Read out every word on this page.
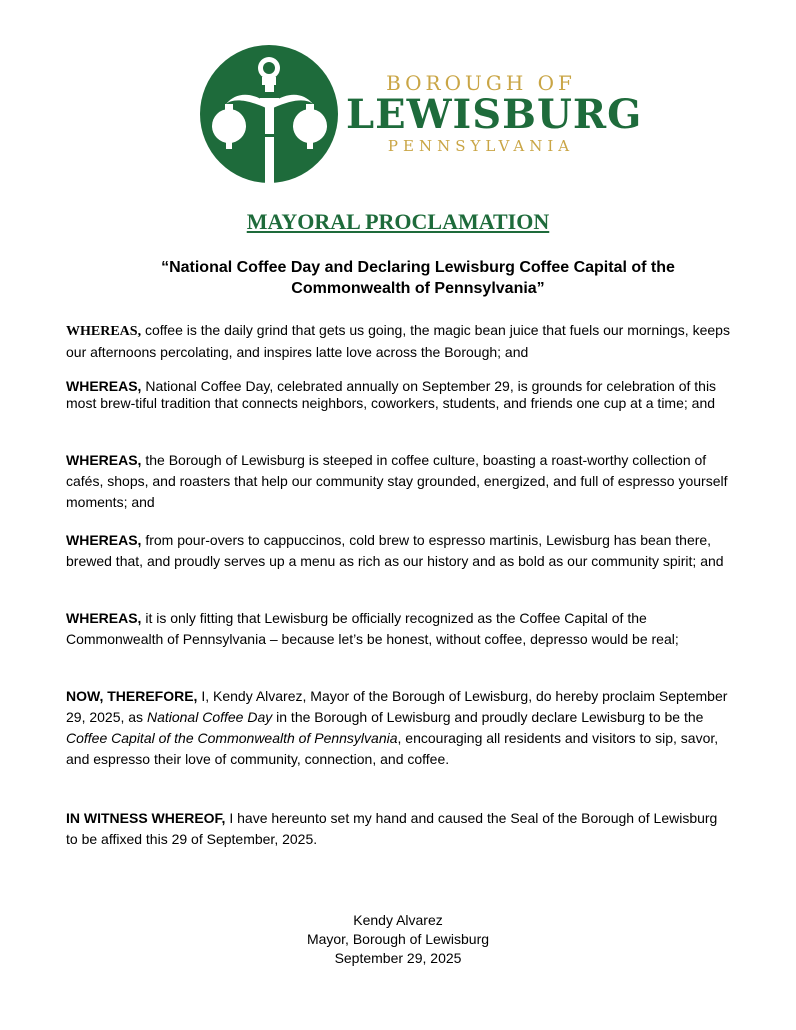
BOROUGH OF
LEWISBURG
PENNSYLVANIA
MAYORAL PROCLAMATION
“National Coffee Day and Declaring Lewisburg Coffee Capital of the
Commonwealth of Pennsylvania”

WHEREAS, coffee is the daily grind that gets us going, the magic bean juice that fuels our mornings, keeps our afternoons percolating, and inspires latte love across the Borough; and

WHEREAS, National Coffee Day, celebrated annually on September 29, is grounds for celebration of this most brew-tiful tradition that connects neighbors, coworkers, students, and friends one cup at a time; and

WHEREAS, the Borough of Lewisburg is steeped in coffee culture, boasting a roast-worthy collection of cafés, shops, and roasters that help our community stay grounded, energized, and full of espresso yourself moments; and

WHEREAS, from pour-overs to cappuccinos, cold brew to espresso martinis, Lewisburg has bean there, brewed that, and proudly serves up a menu as rich as our history and as bold as our community spirit; and

WHEREAS, it is only fitting that Lewisburg be officially recognized as the Coffee Capital of the Commonwealth of Pennsylvania – because let’s be honest, without coffee, depresso would be real;

NOW, THEREFORE, I, Kendy Alvarez, Mayor of the Borough of Lewisburg, do hereby proclaim September 29, 2025, as National Coffee Day in the Borough of Lewisburg and proudly declare Lewisburg to be the Coffee Capital of the Commonwealth of Pennsylvania, encouraging all residents and visitors to sip, savor, and espresso their love of community, connection, and coffee.

IN WITNESS WHEREOF, I have hereunto set my hand and caused the Seal of the Borough of Lewisburg to be affixed this 29 of September, 2025.

Kendy Alvarez
Mayor, Borough of Lewisburg
September 29, 2025
